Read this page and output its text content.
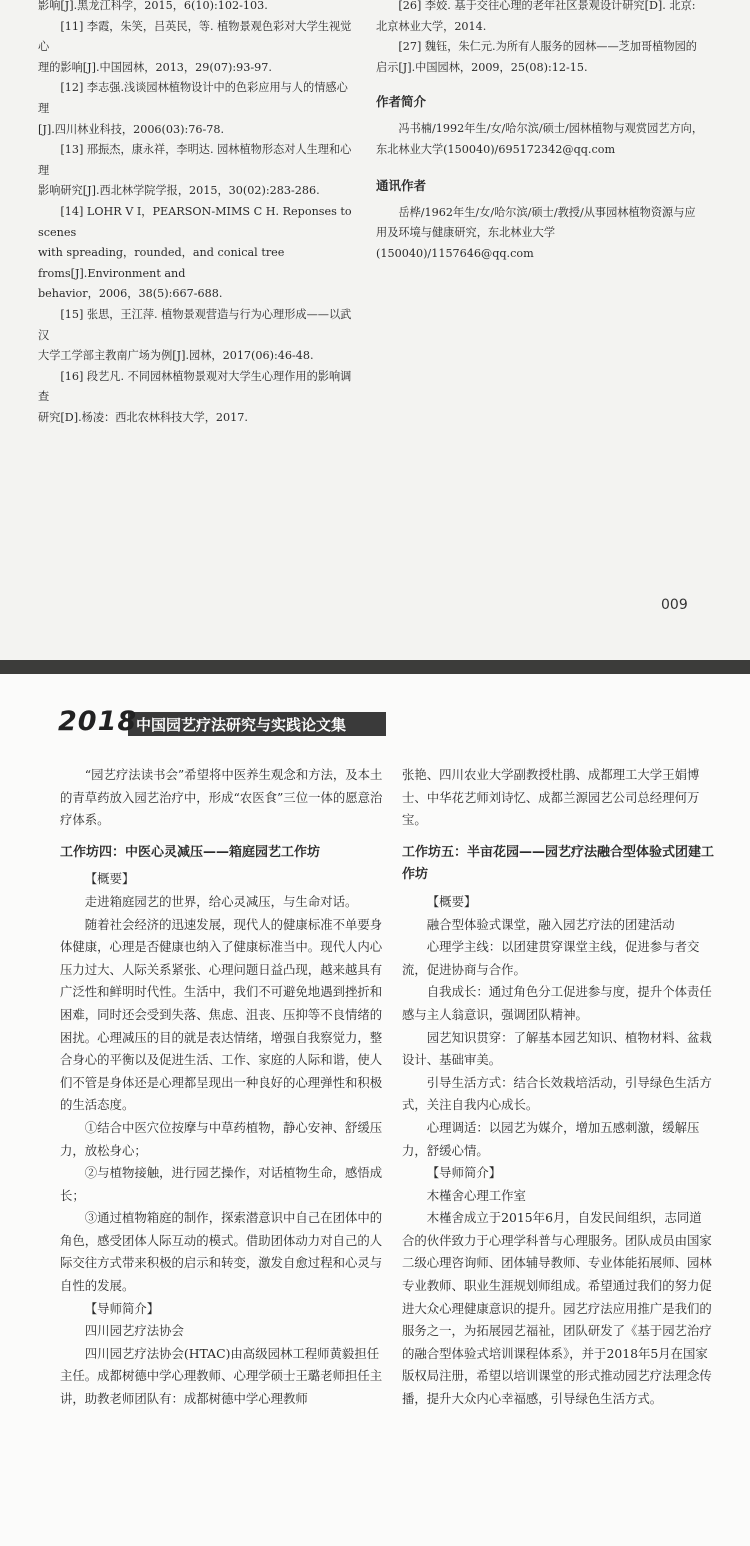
影响[J].黑龙江科学，2015，6(10):102-103.

[11] 李霞，朱笑，吕英民，等. 植物景观色彩对大学生视觉心

理的影响[J].中国园林，2013，29(07):93-97.

[12] 李志强.浅谈园林植物设计中的色彩应用与人的情感心理

[J].四川林业科技，2006(03):76-78.

[13] 邢振杰，康永祥，李明达. 园林植物形态对人生理和心理

影响研究[J].西北林学院学报，2015，30(02):283-286.

[14] LOHR V I，PEARSON-MIMS C H. Reponses to scenes

with spreading，rounded，and conical tree froms[J].Environment and

behavior，2006，38(5):667-688.

[15] 张思，王江萍. 植物景观营造与行为心理形成——以武汉

大学工学部主教南广场为例[J].园林，2017(06):46-48.

[16] 段艺凡. 不同园林植物景观对大学生心理作用的影响调查

研究[D].杨凌：西北农林科技大学，2017.

[26] 李姣. 基于交往心理的老年社区景观设计研究[D]. 北京:

北京林业大学，2014.

[27] 魏钰，朱仁元.为所有人服务的园林——芝加哥植物园的

启示[J].中国园林，2009，25(08):12-15.

作者简介

冯书楠/1992年生/女/哈尔滨/硕士/园林植物与观赏园艺方向，

东北林业大学(150040)/695172342@qq.com

通讯作者

岳桦/1962年生/女/哈尔滨/硕士/教授/从事园林植物资源与应

用及环境与健康研究，东北林业大学(150040)/1157646@qq.com

009
2018
中国园艺疗法研究与实践论文集

“园艺疗法读书会”希望将中医养生观念和方法，及本土的青草药放入园艺治疗中，形成“农医食”三位一体的愿意治疗体系。

工作坊四：中医心灵减压——箱庭园艺工作坊

【概要】

走进箱庭园艺的世界，给心灵减压，与生命对话。

随着社会经济的迅速发展，现代人的健康标准不单要身体健康，心理是否健康也纳入了健康标准当中。现代人内心压力过大、人际关系紧张、心理问题日益凸现，越来越具有广泛性和鲜明时代性。生活中，我们不可避免地遇到挫折和困难，同时还会受到失落、焦虑、沮丧、压抑等不良情绪的困扰。心理减压的目的就是表达情绪，增强自我察觉力，整合身心的平衡以及促进生活、工作、家庭的人际和谐，使人们不管是身体还是心理都呈现出一种良好的心理弹性和积极的生活态度。

①结合中医穴位按摩与中草药植物，静心安神、舒缓压力，放松身心；

②与植物接触，进行园艺操作，对话植物生命，感悟成长；

③通过植物箱庭的制作，探索潜意识中自己在团体中的角色，感受团体人际互动的模式。借助团体动力对自己的人际交往方式带来积极的启示和转变，激发自愈过程和心灵与自性的发展。

【导师简介】

四川园艺疗法协会

四川园艺疗法协会(HTAC)由高级园林工程师黄毅担任主任。成都树德中学心理教师、心理学硕士王璐老师担任主讲，助教老师团队有：成都树德中学心理教师

张艳、四川农业大学副教授杜鹃、成都理工大学王娟博士、中华花艺师刘诗忆、成都兰源园艺公司总经理何万宝。

工作坊五：半亩花园——园艺疗法融合型体验式团建工作坊

【概要】

融合型体验式课堂，融入园艺疗法的团建活动

心理学主线：以团建贯穿课堂主线，促进参与者交流，促进协商与合作。

自我成长：通过角色分工促进参与度，提升个体责任感与主人翁意识，强调团队精神。

园艺知识贯穿：了解基本园艺知识、植物材料、盆栽设计、基础审美。

引导生活方式：结合长效栽培活动，引导绿色生活方式，关注自我内心成长。

心理调适：以园艺为媒介，增加五感刺激，缓解压力，舒缓心情。

【导师简介】

木槿舍心理工作室

木槿舍成立于2015年6月，自发民间组织，志同道合的伙伴致力于心理学科普与心理服务。团队成员由国家二级心理咨询师、团体辅导教师、专业体能拓展师、园林专业教师、职业生涯规划师组成。希望通过我们的努力促进大众心理健康意识的提升。园艺疗法应用推广是我们的服务之一，为拓展园艺福祉，团队研发了《基于园艺治疗的融合型体验式培训课程体系》，并于2018年5月在国家版权局注册，希望以培训课堂的形式推动园艺疗法理念传播，提升大众内心幸福感，引导绿色生活方式。
